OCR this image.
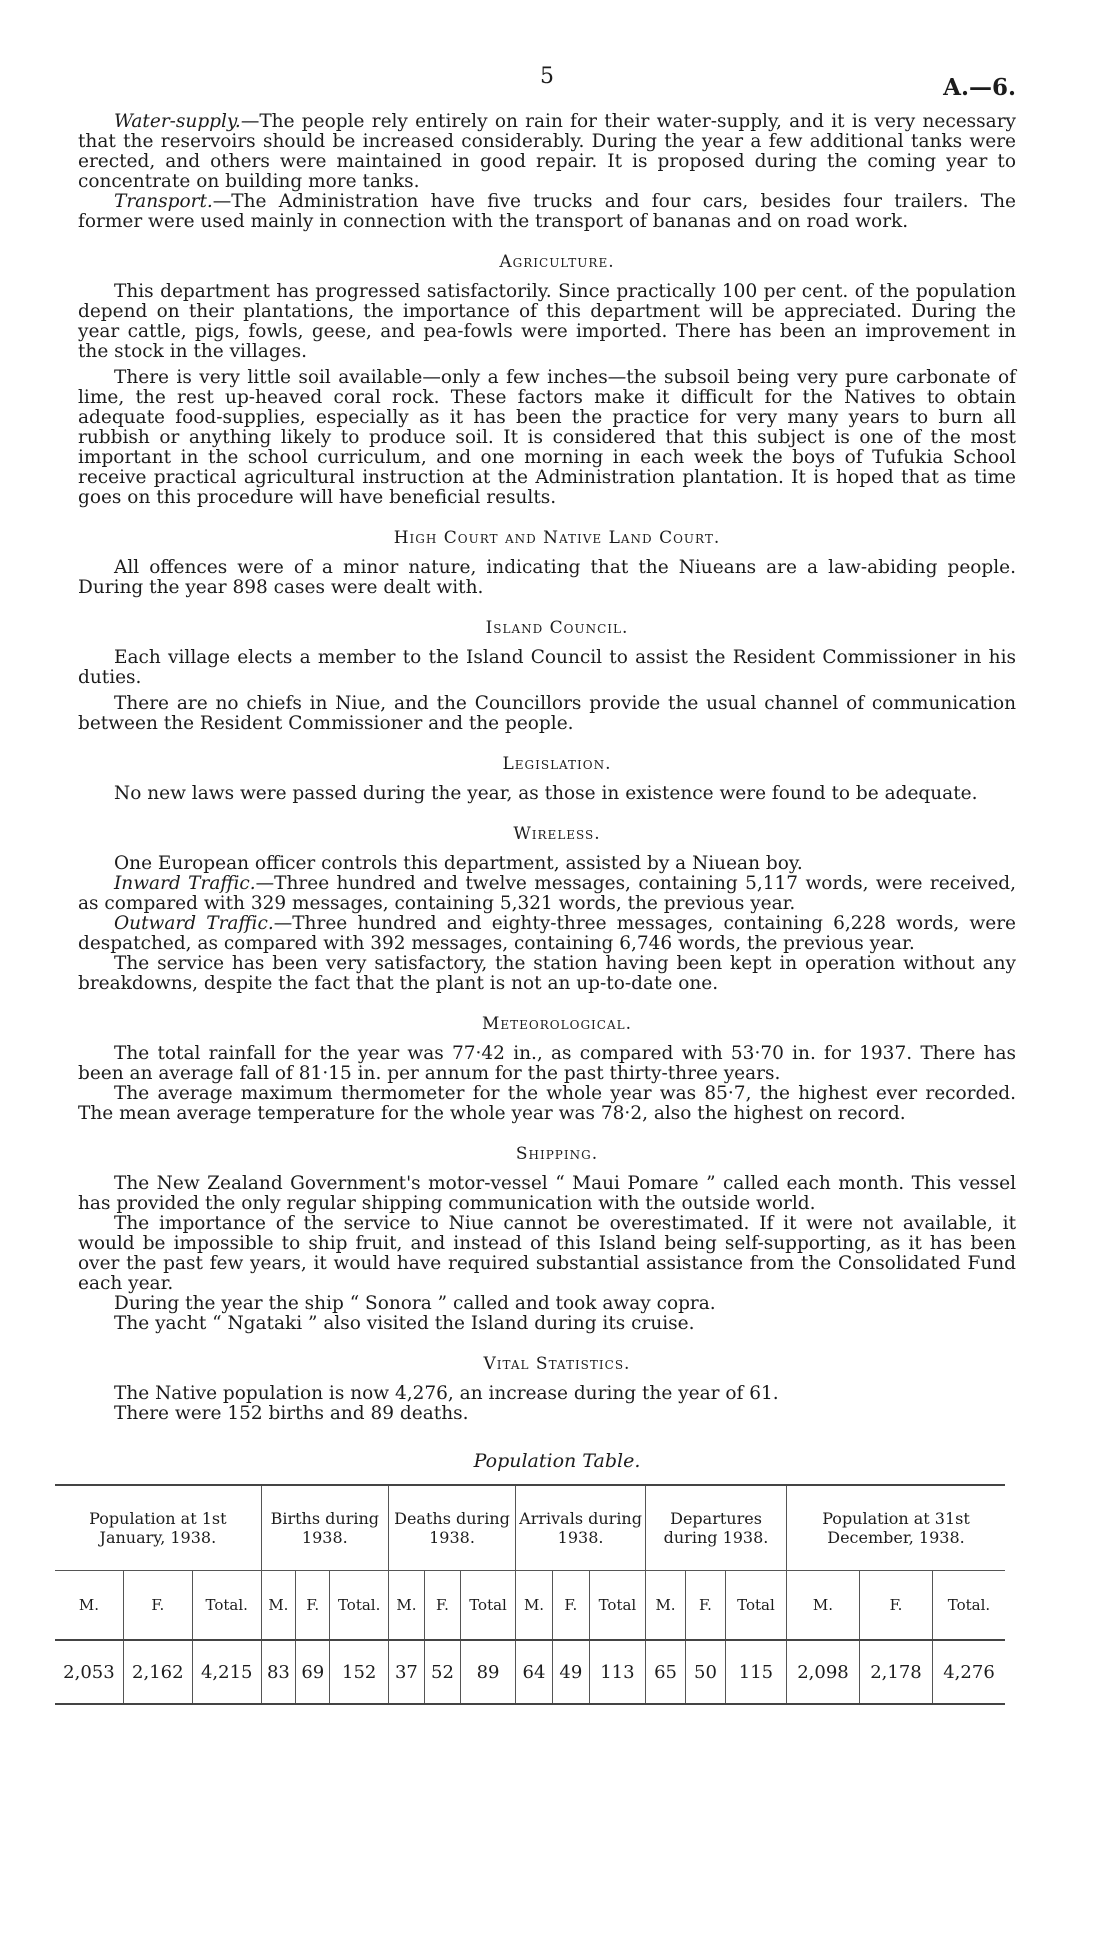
5	A.—6.

Water-supply.—The people rely entirely on rain for their water-supply, and it is very necessary that the reservoirs should be increased considerably. During the year a few additional tanks were erected, and others were maintained in good repair. It is proposed during the coming year to concentrate on building more tanks.

Transport.—The Administration have five trucks and four cars, besides four trailers. The former were used mainly in connection with the transport of bananas and on road work.

Agriculture.

This department has progressed satisfactorily. Since practically 100 per cent. of the population depend on their plantations, the importance of this department will be appreciated. During the year cattle, pigs, fowls, geese, and pea-fowls were imported. There has been an improvement in the stock in the villages.

There is very little soil available—only a few inches—the subsoil being very pure carbonate of lime, the rest up-heaved coral rock. These factors make it difficult for the Natives to obtain adequate food-supplies, especially as it has been the practice for very many years to burn all rubbish or anything likely to produce soil. It is considered that this subject is one of the most important in the school curriculum, and one morning in each week the boys of Tufukia School receive practical agricultural instruction at the Administration plantation. It is hoped that as time goes on this procedure will have beneficial results.

High Court and Native Land Court.

All offences were of a minor nature, indicating that the Niueans are a law-abiding people. During the year 898 cases were dealt with.

Island Council.

Each village elects a member to the Island Council to assist the Resident Commissioner in his duties.

There are no chiefs in Niue, and the Councillors provide the usual channel of communication between the Resident Commissioner and the people.

Legislation.

No new laws were passed during the year, as those in existence were found to be adequate.

Wireless.

One European officer controls this department, assisted by a Niuean boy.

Inward Traffic.—Three hundred and twelve messages, containing 5,117 words, were received, as compared with 329 messages, containing 5,321 words, the previous year.

Outward Traffic.—Three hundred and eighty-three messages, containing 6,228 words, were despatched, as compared with 392 messages, containing 6,746 words, the previous year.

The service has been very satisfactory, the station having been kept in operation without any breakdowns, despite the fact that the plant is not an up-to-date one.

Meteorological.

The total rainfall for the year was 77·42 in., as compared with 53·70 in. for 1937. There has been an average fall of 81·15 in. per annum for the past thirty-three years.

The average maximum thermometer for the whole year was 85·7, the highest ever recorded. The mean average temperature for the whole year was 78·2, also the highest on record.

Shipping.

The New Zealand Government's motor-vessel “ Maui Pomare ” called each month. This vessel has provided the only regular shipping communication with the outside world.

The importance of the service to Niue cannot be overestimated. If it were not available, it would be impossible to ship fruit, and instead of this Island being self-supporting, as it has been over the past few years, it would have required substantial assistance from the Consolidated Fund each year.

During the year the ship “ Sonora ” called and took away copra.

The yacht “ Ngataki ” also visited the Island during its cruise.

Vital Statistics.

The Native population is now 4,276, an increase during the year of 61.

There were 152 births and 89 deaths.

Population Table.
Population at 1st January, 1938.			Births during 1938.			Deaths during 1938.			Arrivals during 1938.			Departures during 1938.			Population at 31st December, 1938.		
M.	F.	Total.	M.	F.	Total.	M.	F.	Total	M.	F.	Total	M.	F.	Total	M.	F.	Total.
2,053	2,162	4,215	83	69	152	37	52	89	64	49	113	65	50	115	2,098	2,178	4,276
